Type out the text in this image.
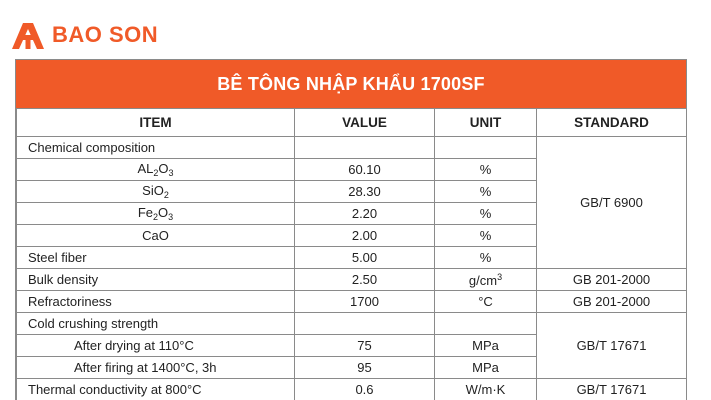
BAO SON
BÊ TÔNG NHẬP KHẨU 1700SF
ITEM	VALUE	UNIT	STANDARD
Chemical composition			GB/T 6900
$AL_2O_3$	60.10	%	
SiO$_2$	28.30	%	
$Fe_2O_3$	2.20	%	
CaO	2.00	%	
Steel fiber	5.00	%	
Bulk density	2.50	$g/cm^3$	GB 201-2000
Refractoriness	1700	°C	GB 201-2000
Cold crushing strength			GB/T 17671
After drying at 110°C	75	MPa	
After firing at 1400°C, 3h	95	MPa	
Thermal conductivity at 800°C	0.6	W/m·K	GB/T 17671
